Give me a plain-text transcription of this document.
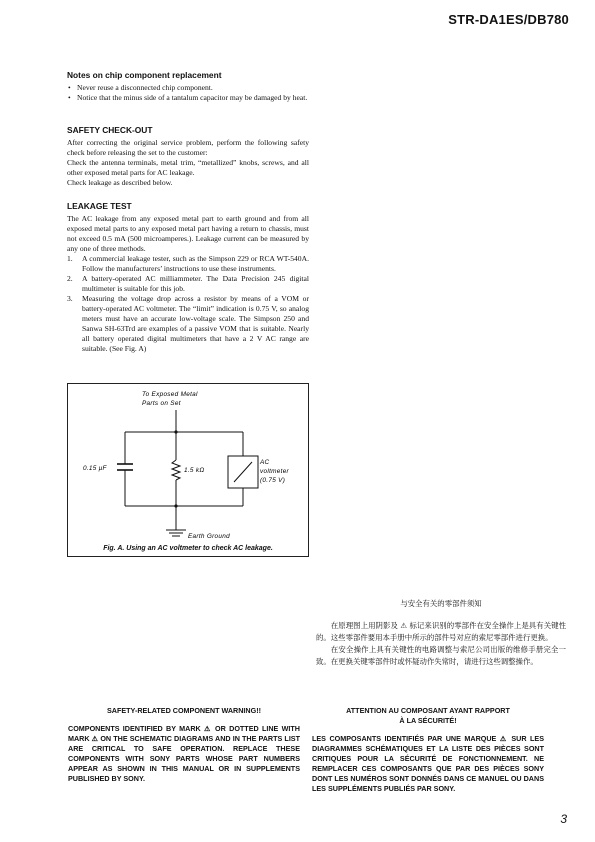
STR-DA1ES/DB780
Notes on chip component replacement
• Never reuse a disconnected chip component.
• Notice that the minus side of a tantalum capacitor may be damaged by heat.
SAFETY CHECK-OUT

After correcting the original service problem, perform the following safety check before releasing the set to the customer:

Check the antenna terminals, metal trim, “metallized” knobs, screws, and all other exposed metal parts for AC leakage.

Check leakage as described below.

LEAKAGE TEST

The AC leakage from any exposed metal part to earth ground and from all exposed metal parts to any exposed metal part having a return to chassis, must not exceed 0.5 mA (500 microamperes.). Leakage current can be measured by any one of three methods.

1. A commercial leakage tester, such as the Simpson 229 or RCA WT-540A. Follow the manufacturers’ instructions to use these instruments.
2. A battery-operated AC milliammeter. The Data Precision 245 digital multimeter is suitable for this job.
3. Measuring the voltage drop across a resistor by means of a VOM or battery-operated AC voltmeter. The “limit” indication is 0.75 V, so analog meters must have an accurate low-voltage scale. The Simpson 250 and Sanwa SH-63Trd are examples of a passive VOM that is suitable. Nearly all battery operated digital multimeters that have a 2 V AC range are suitable. (See Fig. A)
To Exposed Metal
Parts on Set
0.15 μF	1.5 kΩ
AC
voltmeter
(0.75 V)
Earth Ground
Fig. A. Using an AC voltmeter to check AC leakage.
与安全有关的零部件须知

在原理图上用阴影及 ⚠ 标记来识别的零部件在安全操作上是具有关键性的。这些零部件要用本手册中所示的部件号对应的索尼零部件进行更换。

在安全操作上具有关键性的电路调整与索尼公司出版的维修手册完全一致。在更换关键零部件时或怀疑动作失常时，请进行这些调整操作。

SAFETY-RELATED COMPONENT WARNING!!

COMPONENTS IDENTIFIED BY MARK ⚠ OR DOTTED LINE WITH MARK ⚠ ON THE SCHEMATIC DIAGRAMS AND IN THE PARTS LIST ARE CRITICAL TO SAFE OPERATION. REPLACE THESE COMPONENTS WITH SONY PARTS WHOSE PART NUMBERS APPEAR AS SHOWN IN THIS MANUAL OR IN SUPPLEMENTS PUBLISHED BY SONY.

ATTENTION AU COMPOSANT AYANT RAPPORT
À LA SÉCURITÉ!

LES COMPOSANTS IDENTIFIÉS PAR UNE MARQUE ⚠ SUR LES DIAGRAMMES SCHÉMATIQUES ET LA LISTE DES PIÈCES SONT CRITIQUES POUR LA SÉCURITÉ DE FONCTIONNEMENT. NE REMPLACER CES COMPOSANTS QUE PAR DES PIÈCES SONY DONT LES NUMÉROS SONT DONNÉS DANS CE MANUEL OU DANS LES SUPPLÉMENTS PUBLIÉS PAR SONY.

3
